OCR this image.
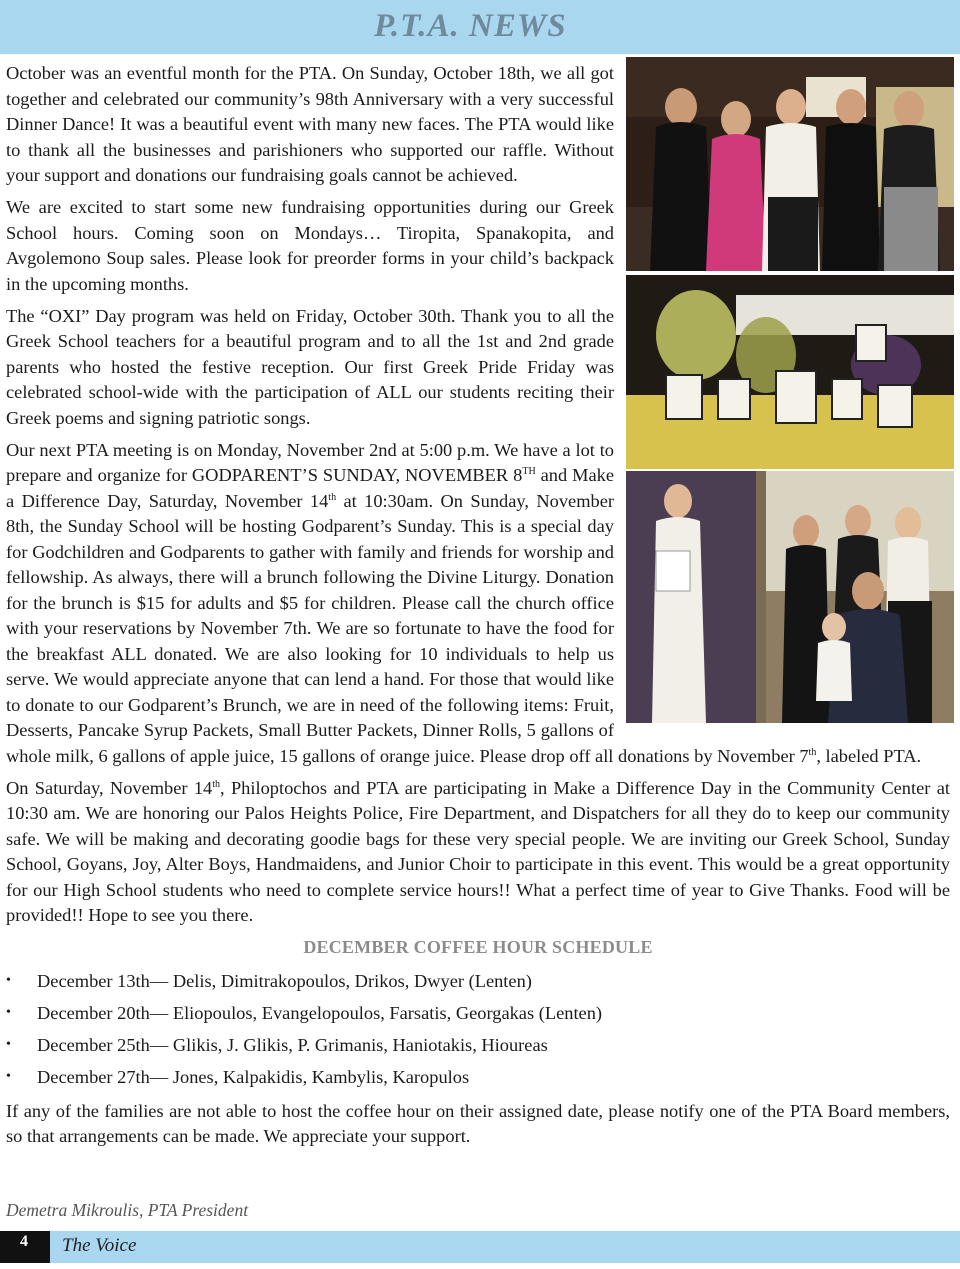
P.T.A. NEWS

October was an eventful month for the PTA. On Sunday, October 18th, we all got together and celebrated our community’s 98th Anniversary with a very successful Dinner Dance! It was a beautiful event with many new faces. The PTA would like to thank all the businesses and parishioners who supported our raffle. Without your support and donations our fundraising goals cannot be achieved.

We are excited to start some new fundraising opportunities during our Greek School hours. Coming soon on Mondays… Tiropita, Spanakopita, and Avgolemono Soup sales. Please look for preorder forms in your child’s backpack in the upcoming months.

The “OXI” Day program was held on Friday, October 30th. Thank you to all the Greek School teachers for a beautiful program and to all the 1st and 2nd grade parents who hosted the festive reception. Our first Greek Pride Friday was celebrated school-wide with the participation of ALL our students reciting their Greek poems and signing patriotic songs.

Our next PTA meeting is on Monday, November 2nd at 5:00 p.m. We have a lot to prepare and organize for GODPARENT’S SUNDAY, NOVEMBER 8TH and Make a Difference Day, Saturday, November 14th at 10:30am. On Sunday, November 8th, the Sunday School will be hosting Godparent’s Sunday. This is a special day for Godchildren and Godparents to gather with family and friends for worship and fellowship. As always, there will a brunch following the Divine Liturgy. Donation for the brunch is $15 for adults and $5 for children. Please call the church office with your reservations by November 7th. We are so fortunate to have the food for the breakfast ALL donated. We are also looking for 10 individuals to help us serve. We would appreciate anyone that can lend a hand. For those that would like to donate to our Godparent’s Brunch, we are in need of the following items: Fruit, Desserts, Pancake Syrup Packets, Small Butter Packets, Dinner Rolls, 5 gallons of whole milk, 6 gallons of apple juice, 15 gallons of orange juice. Please drop off all donations by November 7th, labeled PTA.

On Saturday, November 14th, Philoptochos and PTA are participating in Make a Difference Day in the Community Center at 10:30 am. We are honoring our Palos Heights Police, Fire Department, and Dispatchers for all they do to keep our community safe. We will be making and decorating goodie bags for these very special people. We are inviting our Greek School, Sunday School, Goyans, Joy, Alter Boys, Handmaidens, and Junior Choir to participate in this event. This would be a great opportunity for our High School students who need to complete service hours!! What a perfect time of year to Give Thanks. Food will be provided!! Hope to see you there.

DECEMBER COFFEE HOUR SCHEDULE
• December 13th— Delis, Dimitrakopoulos, Drikos, Dwyer (Lenten)
• December 20th— Eliopoulos, Evangelopoulos, Farsatis, Georgakas (Lenten)
• December 25th— Glikis, J. Glikis, P. Grimanis, Haniotakis, Hioureas
• December 27th— Jones, Kalpakidis, Kambylis, Karopulos

If any of the families are not able to host the coffee hour on their assigned date, please notify one of the PTA Board members, so that arrangements can be made. We appreciate your support.

Demetra Mikroulis, PTA President
4	The Voice
